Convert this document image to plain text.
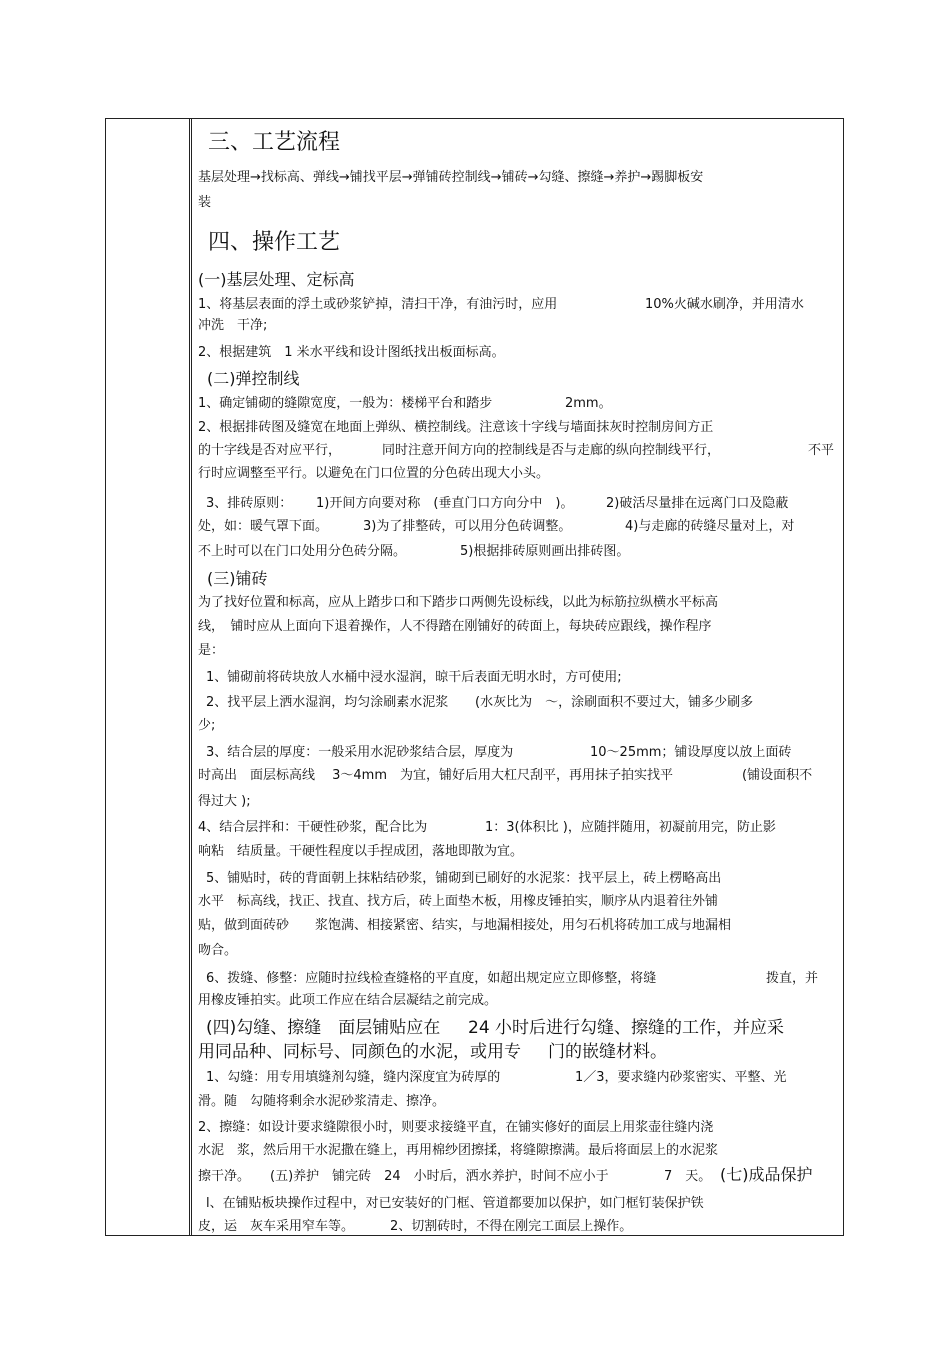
三、工艺流程
基层处理→找标高、弹线→铺找平层→弹铺砖控制线→铺砖→勾缝、擦缝→养护→踢脚板安
装
四、操作工艺
(一)基层处理、定标高
1、将基层表面的浮土或砂浆铲掉，清扫干净，有油污时，应用	10%火碱水刷净，并用清水
冲洗　干净;
2、根据建筑　1 米水平线和设计图纸找出板面标高。
(二)弹控制线
1、确定铺砌的缝隙宽度，一般为：楼梯平台和踏步	2mm。
2、根据排砖图及缝宽在地面上弹纵、横控制线。注意该十字线与墙面抹灰时控制房间方正
的十字线是否对应平行，	同时注意开间方向的控制线是否与走廊的纵向控制线平行，	不平
行时应调整至平行。以避免在门口位置的分色砖出现大小头。
3、排砖原则： 1)开间方向要对称　(垂直门口方向分中　)。	2)破活尽量排在远离门口及隐蔽
处，如：暖气罩下面。	3)为了排整砖，可以用分色砖调整。	4)与走廊的砖缝尽量对上，对
不上时可以在门口处用分色砖分隔。	5)根据排砖原则画出排砖图。
(三)铺砖
为了找好位置和标高，应从上踏步口和下踏步口两侧先设标线，以此为标筋拉纵横水平标高
线，　铺时应从上面向下退着操作，人不得踏在刚铺好的砖面上，每块砖应跟线，操作程序
是：
1、铺砌前将砖块放人水桶中浸水湿润，晾干后表面无明水时，方可使用;
2、找平层上洒水湿润，均匀涂刷素水泥浆 (水灰比为　～，涂刷面积不要过大，铺多少刷多
少;
3、结合层的厚度：一般采用水泥砂浆结合层，厚度为	10～25mm；铺设厚度以放上面砖
时高出　面层标高线　 3～4mm　为宜，铺好后用大杠尺刮平，再用抹子拍实找平	(铺设面积不
得过大 );
4、结合层拌和：干硬性砂浆，配合比为	1：3(体积比 )，应随拌随用，初凝前用完，防止影
响粘　结质量。干硬性程度以手捏成团，落地即散为宜。
5、铺贴时，砖的背面朝上抹粘结砂浆，铺砌到已刷好的水泥浆：找平层上，砖上楞略高出
水平　标高线，找正、找直、找方后，砖上面垫木板，用橡皮锤拍实，顺序从内退着往外铺
贴，做到面砖砂　　浆饱满、相接紧密、结实，与地漏相接处，用匀石机将砖加工成与地漏相
吻合。
6、拨缝、修整：应随时拉线检查缝格的平直度，如超出规定应立即修整，将缝	拨直，并
用橡皮锤拍实。此项工作应在结合层凝结之前完成。
(四)勾缝、擦缝　面层铺贴应在 24 小时后进行勾缝、擦缝的工作，并应采
用同品种、同标号、同颜色的水泥，或用专 门的嵌缝材料。
1、勾缝：用专用填缝剂勾缝，缝内深度宜为砖厚的	1／3，要求缝内砂浆密实、平整、光
滑。随　勾随将剩余水泥砂浆清走、擦净。
2、擦缝：如设计要求缝隙很小时，则要求接缝平直，在铺实修好的面层上用浆壶往缝内浇
水泥　浆，然后用干水泥撒在缝上，再用棉纱团擦揉，将缝隙擦满。最后将面层上的水泥浆
擦干净。 (五)养护　铺完砖　24　小时后，洒水养护，时间不应小于	7　天。 (七)成品保护
l、在铺贴板块操作过程中，对已安装好的门框、管道都要加以保护，如门框钉装保护铁
皮，运　灰车采用窄车等。	2、切割砖时，不得在刚完工面层上操作。
